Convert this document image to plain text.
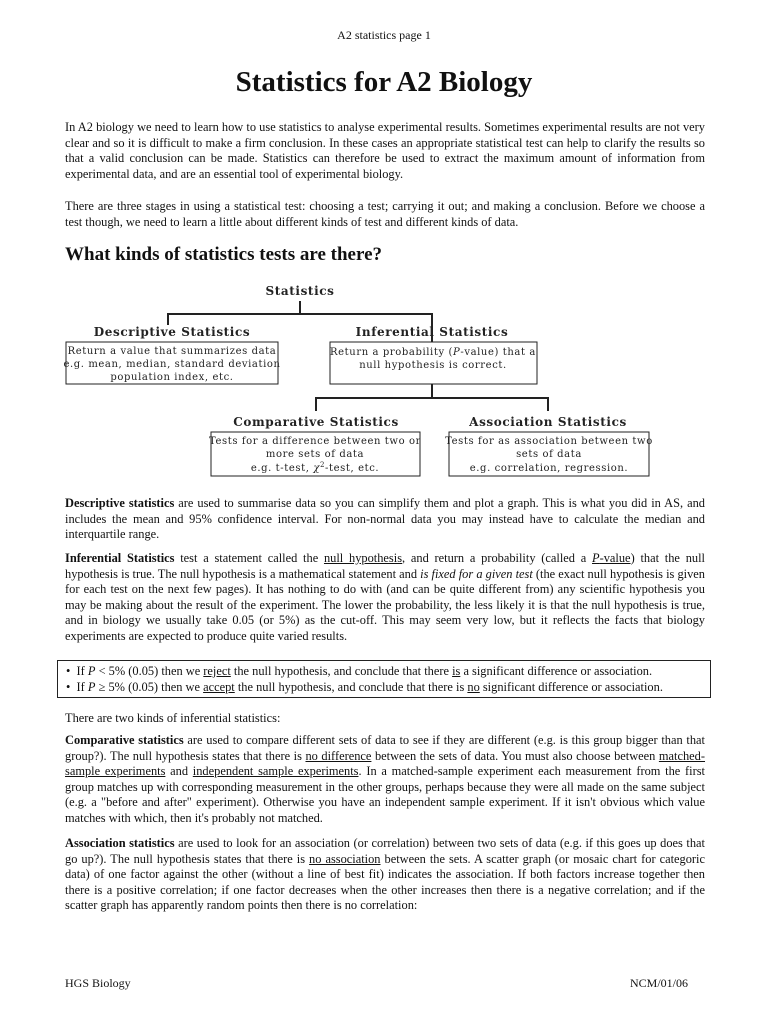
A2 statistics page 1
Statistics for A2 Biology

In A2 biology we need to learn how to use statistics to analyse experimental results. Sometimes experimental results are not very clear and so it is difficult to make a firm conclusion. In these cases an appropriate statistical test can help to clarify the results so that a valid conclusion can be made. Statistics can therefore be used to extract the maximum amount of information from experimental data, and are an essential tool of experimental biology.

There are three stages in using a statistical test: choosing a test; carrying it out; and making a conclusion. Before we choose a test though, we need to learn a little about different kinds of test and different kinds of data.

What kinds of statistics tests are there?
Statistics
Descriptive Statistics
Return a value that summarizes data
e.g. mean, median, standard deviation
population index, etc.
Inferential Statistics
Return a probability (P-value) that a
null hypothesis is correct.
Comparative Statistics
Tests for a difference between two or
more sets of data
e.g. t-test, $\chi^2$-test, etc.
Association Statistics
Tests for as association between two
sets of data
e.g. correlation, regression.

Descriptive statistics are used to summarise data so you can simplify them and plot a graph. This is what you did in AS, and includes the mean and 95% confidence interval. For non-normal data you may instead have to calculate the median and interquartile range.

Inferential Statistics test a statement called the null hypothesis, and return a probability (called a P-value) that the null hypothesis is true. The null hypothesis is a mathematical statement and is fixed for a given test (the exact null hypothesis is given for each test on the next few pages). It has nothing to do with (and can be quite different from) any scientific hypothesis you may be making about the result of the experiment. The lower the probability, the less likely it is that the null hypothesis is true, and in biology we usually take 0.05 (or 5%) as the cut-off. This may seem very low, but it reflects the facts that biology experiments are expected to produce quite varied results.

• If P < 5% (0.05) then we reject the null hypothesis, and conclude that there is a significant difference or association.
• If P ≥ 5% (0.05) then we accept the null hypothesis, and conclude that there is no significant difference or association.

There are two kinds of inferential statistics:

Comparative statistics are used to compare different sets of data to see if they are different (e.g. is this group bigger than that group?). The null hypothesis states that there is no difference between the sets of data. You must also choose between matched-sample experiments and independent sample experiments. In a matched-sample experiment each measurement from the first group matches up with corresponding measurement in the other groups, perhaps because they were all made on the same subject (e.g. a "before and after" experiment). Otherwise you have an independent sample experiment. If it isn't obvious which value matches with which, then it's probably not matched.

Association statistics are used to look for an association (or correlation) between two sets of data (e.g. if this goes up does that go up?). The null hypothesis states that there is no association between the sets. A scatter graph (or mosaic chart for categoric data) of one factor against the other (without a line of best fit) indicates the association. If both factors increase together then there is a positive correlation; if one factor decreases when the other increases then there is a negative correlation; and if the scatter graph has apparently random points then there is no correlation:

HGS Biology	NCM/01/06
